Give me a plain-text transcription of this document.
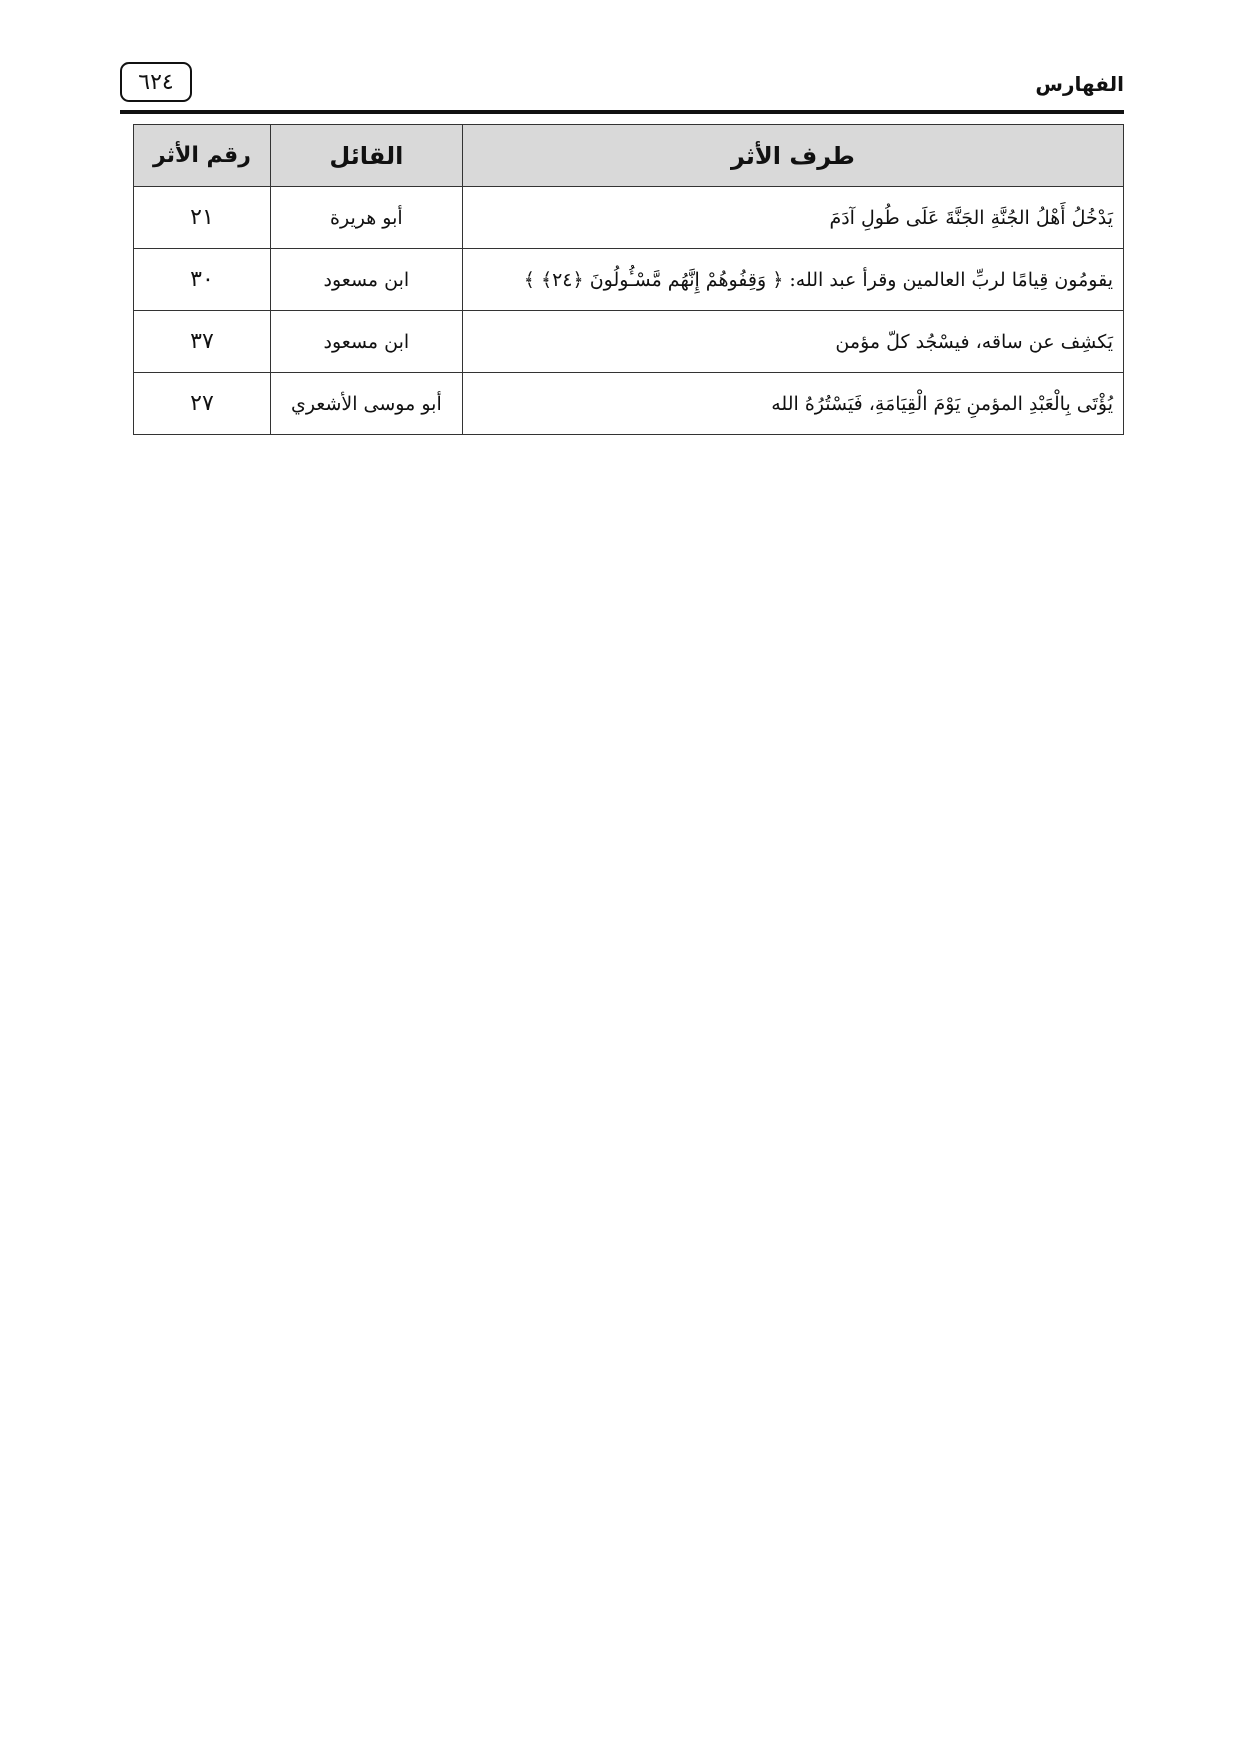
٦٢٤	الفهارس
طرف الأثر	القائل	رقم الأثر
يَدْخُلُ أَهْلُ الجُنَّةِ الجَنَّةَ عَلَى طُولِ آدَمَ	أبو هريرة	٢١
يقومُون قِيامًا لربِّ العالمين وقرأ عبد الله: ﴿ وَقِفُوهُمْ إِنَّهُم مَّسْـُٔولُونَ ﴿٢٤﴾ ﴾	ابن مسعود	٣٠
يَكشِف عن ساقه، فيسْجُد كلّ مؤمن	ابن مسعود	٣٧
يُؤْتَى بِالْعَبْدِ المؤمنِ يَوْمَ الْقِيَامَةِ، فَيَسْتُرُهُ الله	أبو موسى الأشعري	٢٧
